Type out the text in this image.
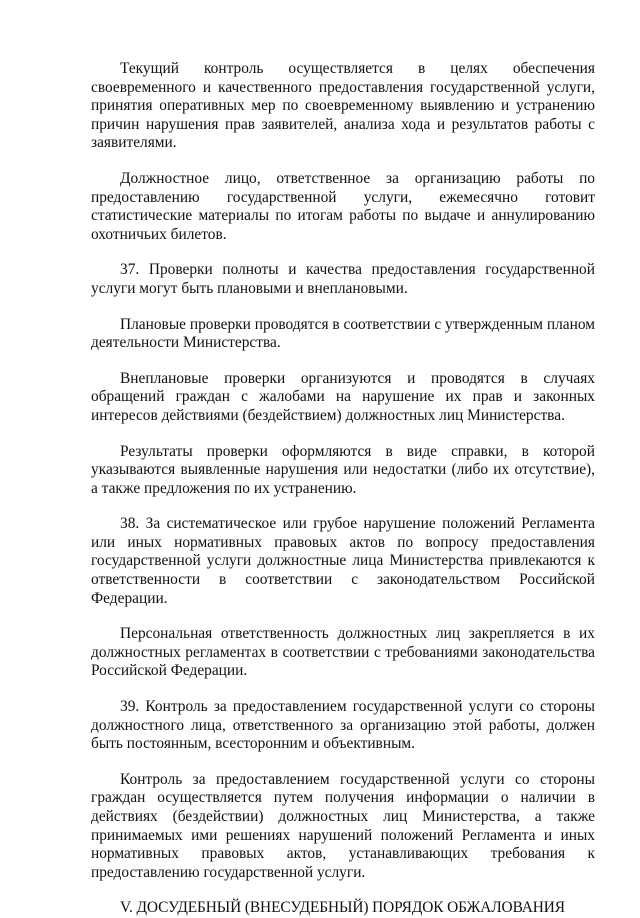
Текущий контроль осуществляется в целях обеспечения своевременного и качественного предоставления государственной услуги, принятия оперативных мер по своевременному выявлению и устранению причин нарушения прав заявителей, анализа хода и результатов работы с заявителями.

Должностное лицо, ответственное за организацию работы по предоставлению государственной услуги, ежемесячно готовит статистические материалы по итогам работы по выдаче и аннулированию охотничьих билетов.

37. Проверки полноты и качества предоставления государственной услуги могут быть плановыми и внеплановыми.

Плановые проверки проводятся в соответствии с утвержденным планом деятельности Министерства.

Внеплановые проверки организуются и проводятся в случаях обращений граждан с жалобами на нарушение их прав и законных интересов действиями (бездействием) должностных лиц Министерства.

Результаты проверки оформляются в виде справки, в которой указываются выявленные нарушения или недостатки (либо их отсутствие), а также предложения по их устранению.

38. За систематическое или грубое нарушение положений Регламента или иных нормативных правовых актов по вопросу предоставления государственной услуги должностные лица Министерства привлекаются к ответственности в соответствии с законодательством Российской Федерации.

Персональная ответственность должностных лиц закрепляется в их должностных регламентах в соответствии с требованиями законодательства Российской Федерации.

39. Контроль за предоставлением государственной услуги со стороны должностного лица, ответственного за организацию этой работы, должен быть постоянным, всесторонним и объективным.

Контроль за предоставлением государственной услуги со стороны граждан осуществляется путем получения информации о наличии в действиях (бездействии) должностных лиц Министерства, а также принимаемых ими решениях нарушений положений Регламента и иных нормативных правовых актов, устанавливающих требования к предоставлению государственной услуги.

V. ДОСУДЕБНЫЙ (ВНЕСУДЕБНЫЙ) ПОРЯДОК ОБЖАЛОВАНИЯ
